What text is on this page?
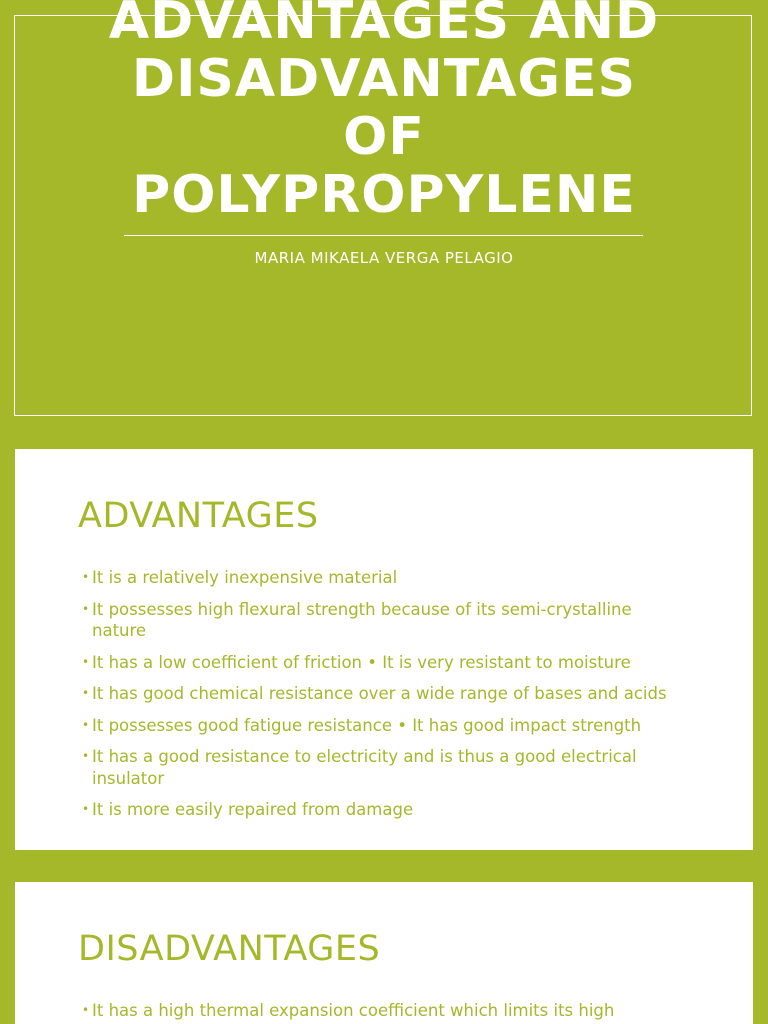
ADVANTAGES AND
DISADVANTAGES
OF
POLYPROPYLENE
MARIA MIKAELA VERGA PELAGIO
ADVANTAGES
• It is a relatively inexpensive material
• It possesses high flexural strength because of its semi-crystalline nature
• It has a low coefficient of friction • It is very resistant to moisture
• It has good chemical resistance over a wide range of bases and acids
• It possesses good fatigue resistance • It has good impact strength
• It has a good resistance to electricity and is thus a good electrical insulator
• It is more easily repaired from damage
DISADVANTAGES
• It has a high thermal expansion coefficient which limits its high
